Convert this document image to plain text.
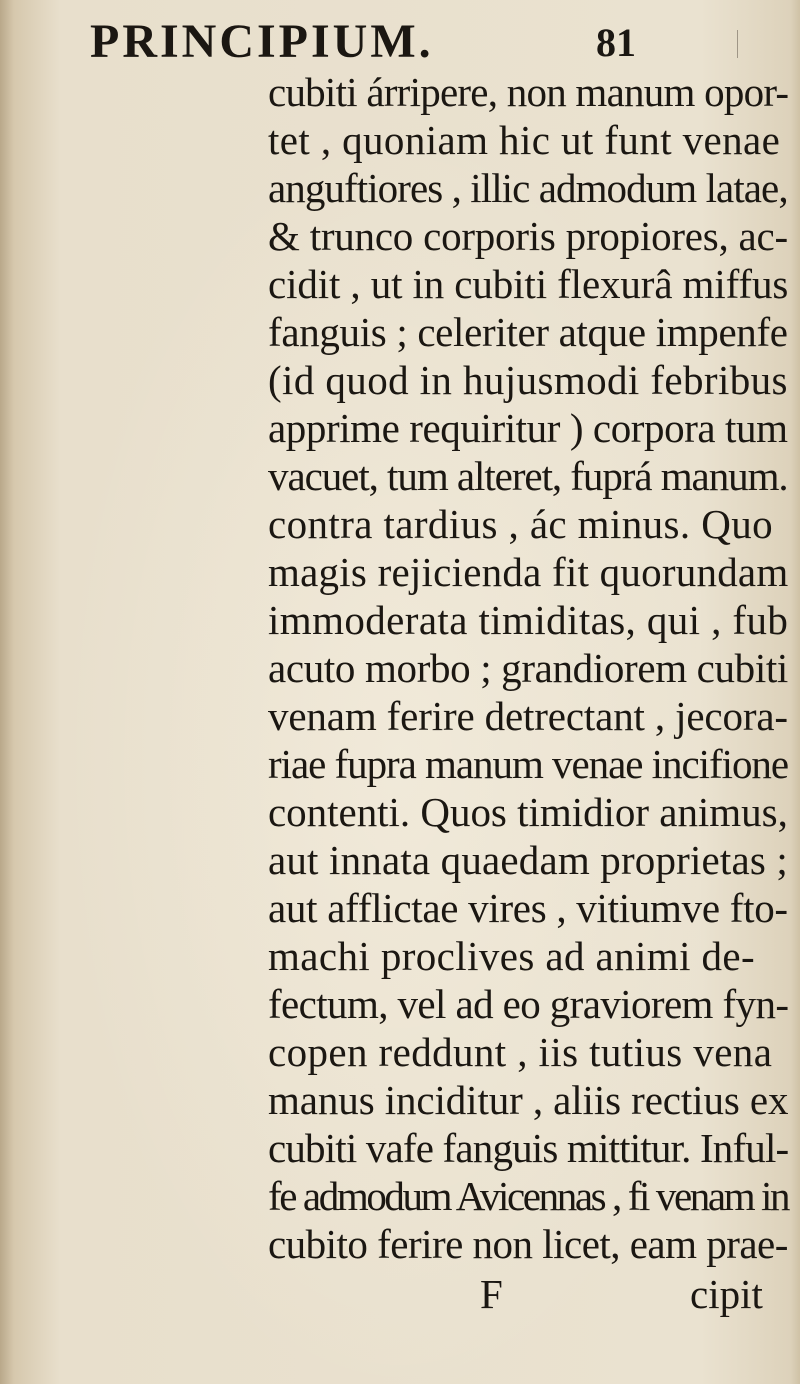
PRINCIPIUM.	81
cubiti árripere, non manum opor-
tet , quoniam hic ut funt venae
anguftiores , illic admodum latae,
& trunco corporis propiores, ac-
cidit , ut in cubiti flexurâ miffus
fanguis ; celeriter atque impenfe
(id quod in hujusmodi febribus
apprime requiritur ) corpora tum
vacuet, tum alteret, fuprá manum.
contra tardius , ác minus. Quo
magis rejicienda fit quorundam
immoderata timiditas, qui , fub
acuto morbo ; grandiorem cubiti
venam ferire detrectant , jecora-
riae fupra manum venae incifione
contenti. Quos timidior animus,
aut innata quaedam proprietas ;
aut afflictae vires , vitiumve fto-
machi proclives ad animi de-
fectum, vel ad eo graviorem fyn-
copen reddunt , iis tutius vena
manus inciditur , aliis rectius ex
cubiti vafe fanguis mittitur. Inful-
fe admodum Avicennas , fi venam in
cubito ferire non licet, eam prae-
F	cipit
